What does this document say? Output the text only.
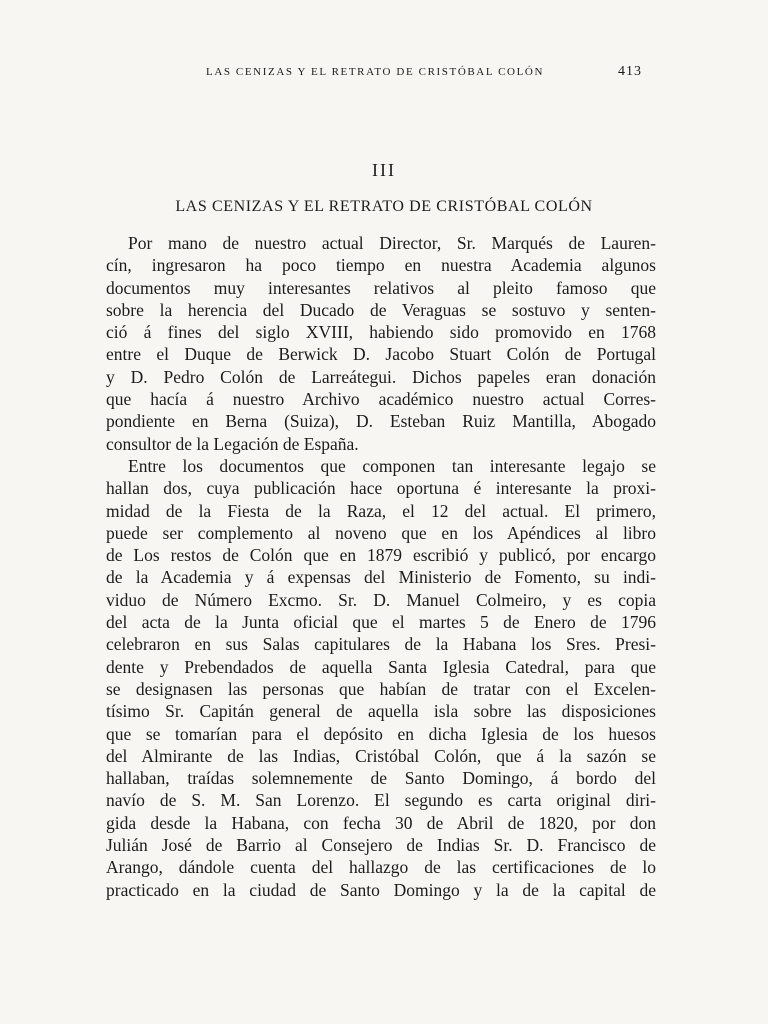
LAS CENIZAS Y EL RETRATO DE CRISTÓBAL COLÓN	413
III
LAS CENIZAS Y EL RETRATO DE CRISTÓBAL COLÓN
Por mano de nuestro actual Director, Sr. Marqués de Lauren-
cín, ingresaron ha poco tiempo en nuestra Academia algunos
documentos muy interesantes relativos al pleito famoso que
sobre la herencia del Ducado de Veraguas se sostuvo y senten-
ció á fines del siglo XVIII, habiendo sido promovido en 1768
entre el Duque de Berwick D. Jacobo Stuart Colón de Portugal
y D. Pedro Colón de Larreátegui. Dichos papeles eran donación
que hacía á nuestro Archivo académico nuestro actual Corres-
pondiente en Berna (Suiza), D. Esteban Ruiz Mantilla, Abogado
consultor de la Legación de España.
Entre los documentos que componen tan interesante legajo se
hallan dos, cuya publicación hace oportuna é interesante la proxi-
midad de la Fiesta de la Raza, el 12 del actual. El primero,
puede ser complemento al noveno que en los Apéndices al libro
de Los restos de Colón que en 1879 escribió y publicó, por encargo
de la Academia y á expensas del Ministerio de Fomento, su indi-
viduo de Número Excmo. Sr. D. Manuel Colmeiro, y es copia
del acta de la Junta oficial que el martes 5 de Enero de 1796
celebraron en sus Salas capitulares de la Habana los Sres. Presi-
dente y Prebendados de aquella Santa Iglesia Catedral, para que
se designasen las personas que habían de tratar con el Excelen-
tísimo Sr. Capitán general de aquella isla sobre las disposiciones
que se tomarían para el depósito en dicha Iglesia de los huesos
del Almirante de las Indias, Cristóbal Colón, que á la sazón se
hallaban, traídas solemnemente de Santo Domingo, á bordo del
navío de S. M. San Lorenzo. El segundo es carta original diri-
gida desde la Habana, con fecha 30 de Abril de 1820, por don
Julián José de Barrio al Consejero de Indias Sr. D. Francisco de
Arango, dándole cuenta del hallazgo de las certificaciones de lo
practicado en la ciudad de Santo Domingo y la de la capital de
